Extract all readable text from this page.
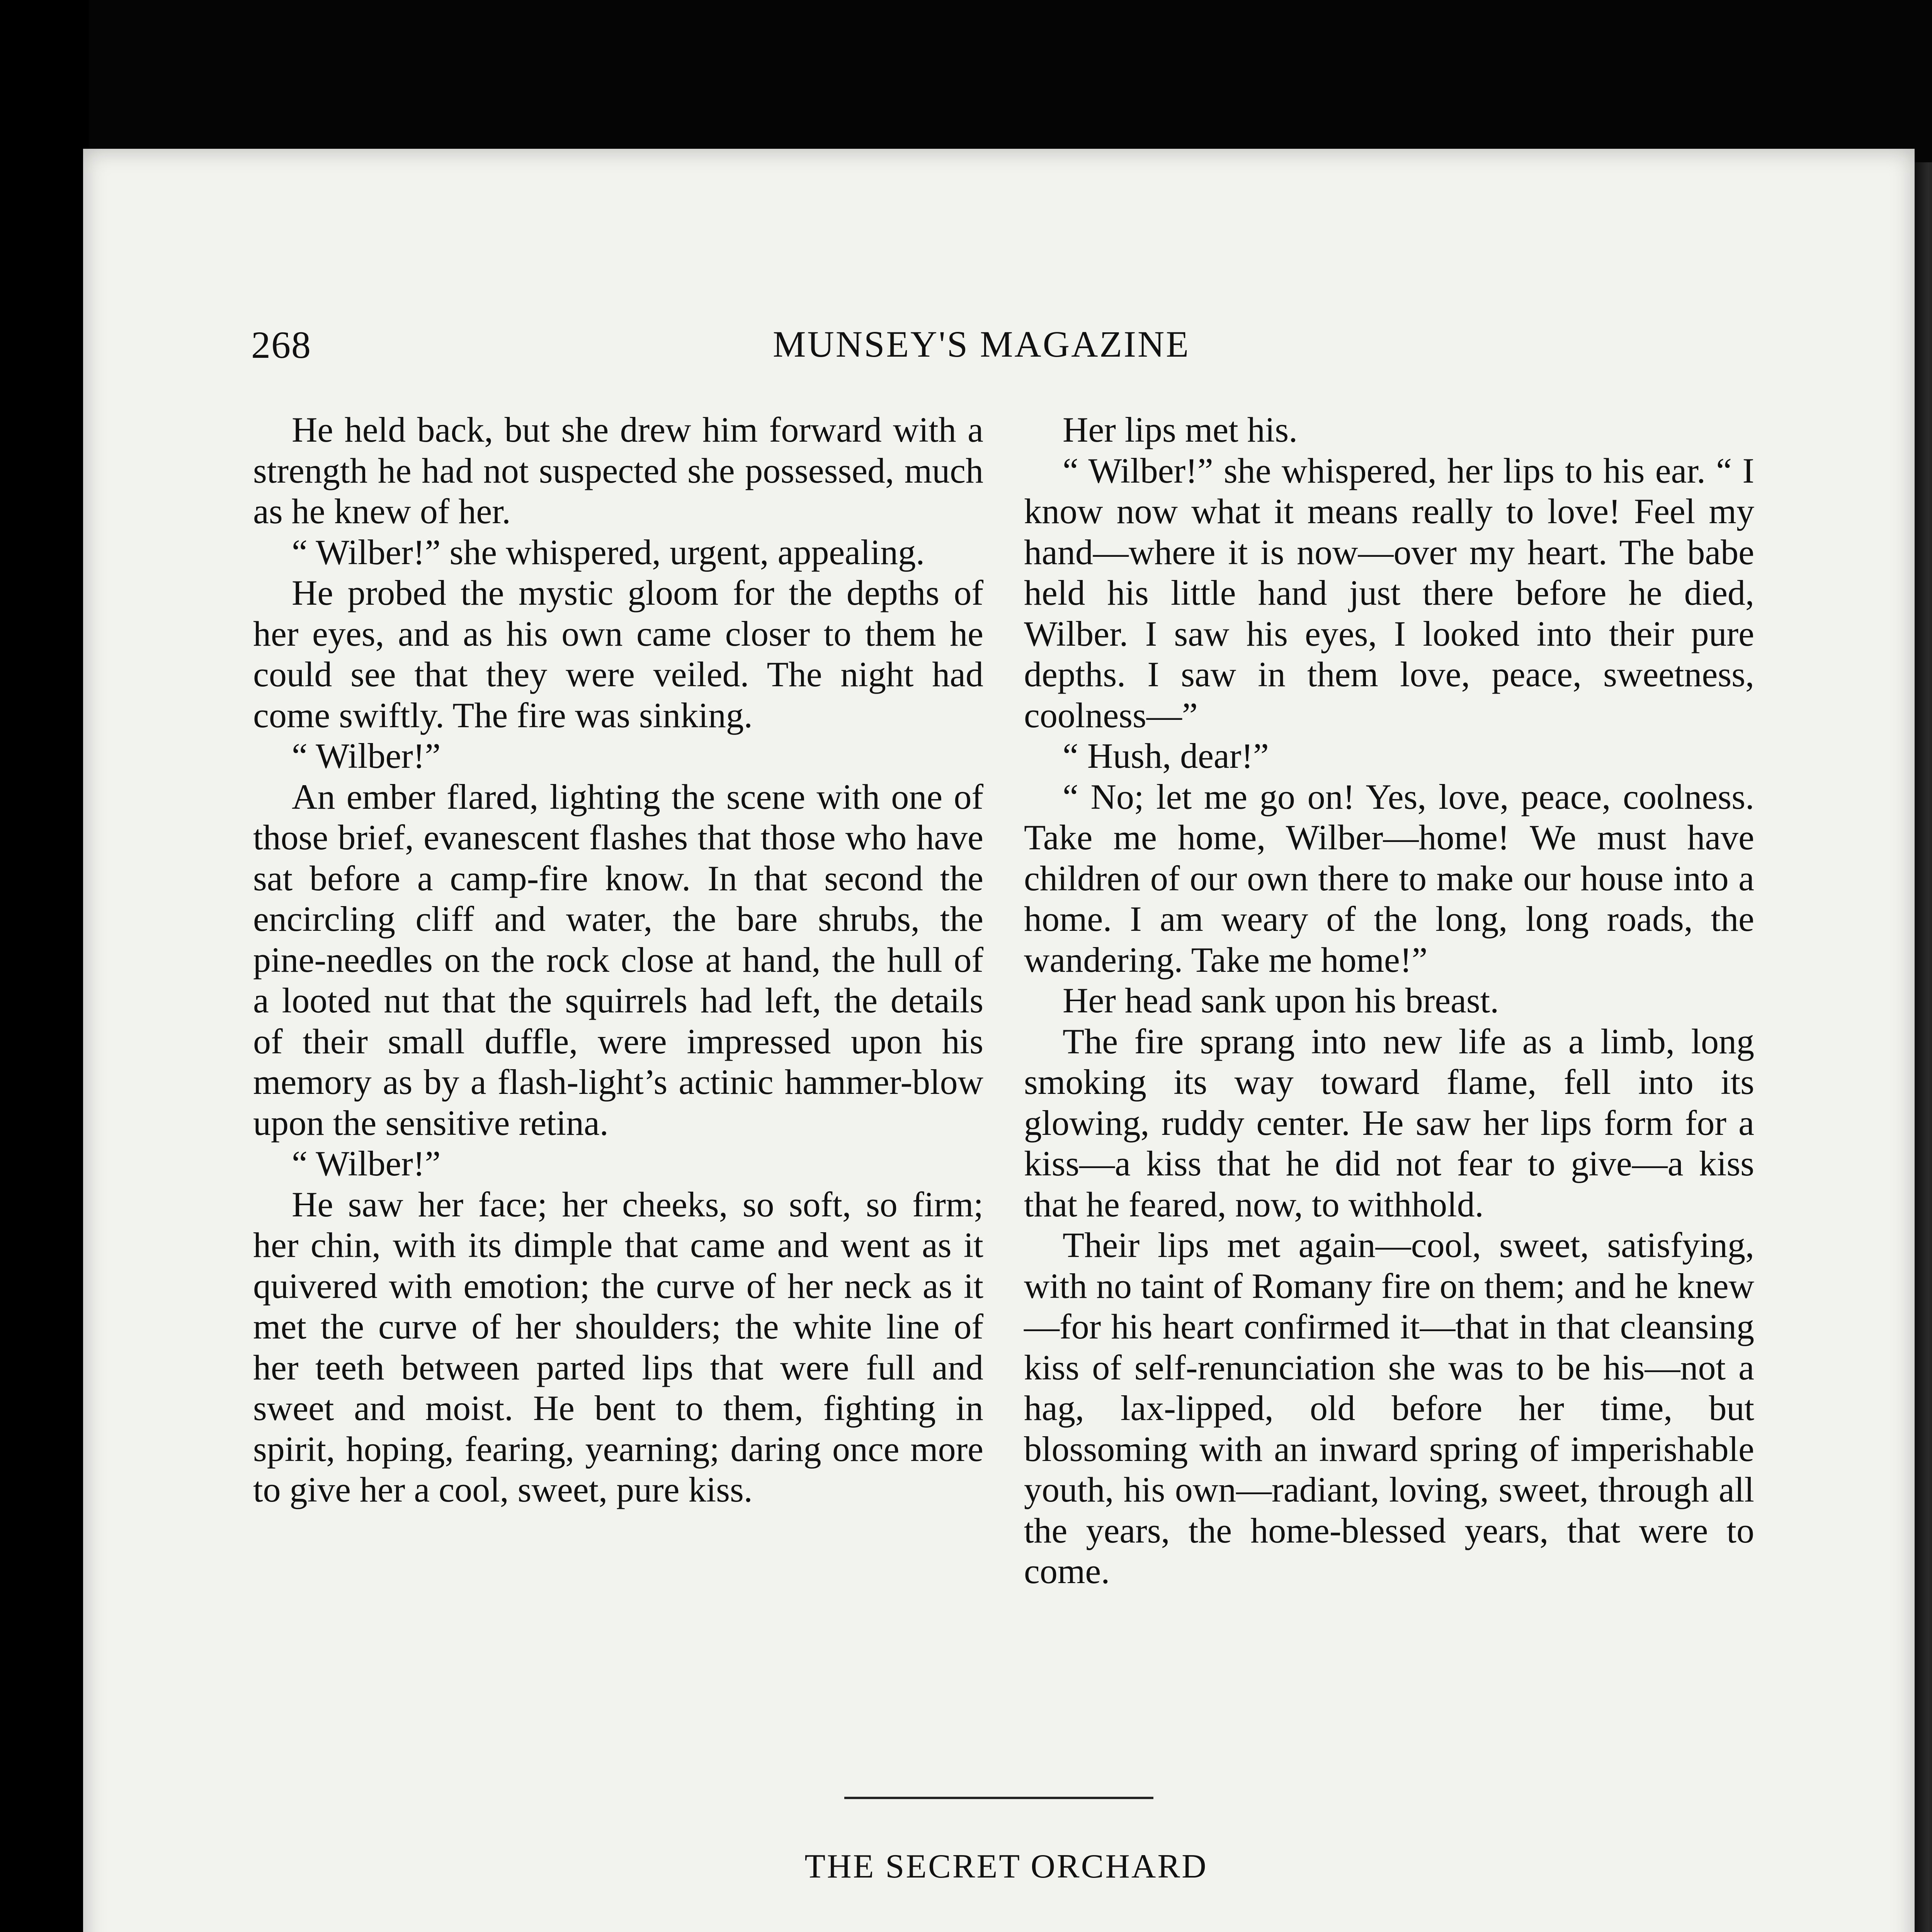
268	MUNSEY'S MAGAZINE

He held back, but she drew him forward with a strength he had not suspected she possessed, much as he knew of her.

“ Wilber!” she whispered, urgent, appealing.

He probed the mystic gloom for the depths of her eyes, and as his own came closer to them he could see that they were veiled. The night had come swiftly. The fire was sinking.

“ Wilber!”

An ember flared, lighting the scene with one of those brief, evanescent flashes that those who have sat before a camp-fire know. In that second the encircling cliff and water, the bare shrubs, the pine-needles on the rock close at hand, the hull of a looted nut that the squirrels had left, the details of their small duffle, were impressed upon his memory as by a flash-light’s actinic hammer-blow upon the sensitive retina.

“ Wilber!”

He saw her face; her cheeks, so soft, so firm; her chin, with its dimple that came and went as it quivered with emotion; the curve of her neck as it met the curve of her shoulders; the white line of her teeth between parted lips that were full and sweet and moist. He bent to them, fighting in spirit, hoping, fearing, yearning; daring once more to give her a cool, sweet, pure kiss.

Her lips met his.

“ Wilber!” she whispered, her lips to his ear. “ I know now what it means really to love! Feel my hand—where it is now—over my heart. The babe held his little hand just there before he died, Wilber. I saw his eyes, I looked into their pure depths. I saw in them love, peace, sweetness, coolness—”

“ Hush, dear!”

“ No; let me go on! Yes, love, peace, coolness. Take me home, Wilber—home! We must have children of our own there to make our house into a home. I am weary of the long, long roads, the wandering. Take me home!”

Her head sank upon his breast.

The fire sprang into new life as a limb, long smoking its way toward flame, fell into its glowing, ruddy center. He saw her lips form for a kiss—a kiss that he did not fear to give—a kiss that he feared, now, to withhold.

Their lips met again—cool, sweet, satisfying, with no taint of Romany fire on them; and he knew—for his heart confirmed it—that in that cleansing kiss of self-renunciation she was to be his—not a hag, lax-lipped, old before her time, but blossoming with an inward spring of imperishable youth, his own—radiant, loving, sweet, through all the years, the home-blessed years, that were to come.

THE SECRET ORCHARD
